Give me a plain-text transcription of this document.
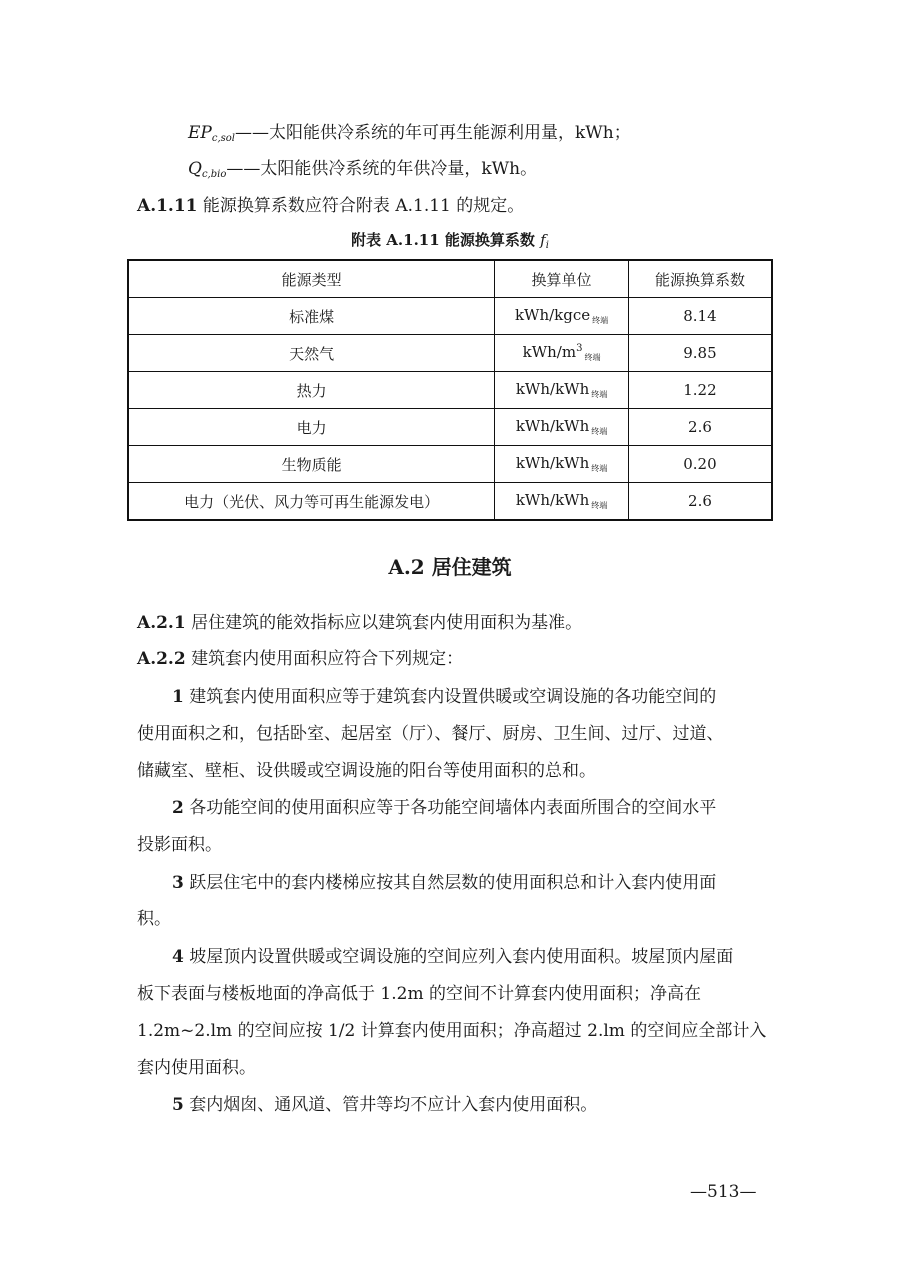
$EP_{c,sol}——$太阳能供冷系统的年可再生能源利用量，kWh；
$Q_{c,bio}——$太阳能供冷系统的年供冷量，kWh。
A.1.11 能源换算系数应符合附表 A.1.11 的规定。
附表 A.1.11 能源换算系数 $f_i$
能源类型	换算单位	能源换算系数
标准煤	kWh/kgce $_{终端}$	8.14
天然气	kWh/$m^3_{终端}$	9.85
热力	kWh/kWh $_{终端}$	1.22
电力	kWh/kWh $_{终端}$	2.6
生物质能	kWh/kWh $_{终端}$	0.20
电力（光伏、风力等可再生能源发电）	kWh/kWh $_{终端}$	2.6
A.2 居住建筑
A.2.1 居住建筑的能效指标应以建筑套内使用面积为基准。
A.2.2 建筑套内使用面积应符合下列规定：
1 建筑套内使用面积应等于建筑套内设置供暖或空调设施的各功能空间的
使用面积之和，包括卧室、起居室（厅）、餐厅、厨房、卫生间、过厅、过道、
储藏室、壁柜、设供暖或空调设施的阳台等使用面积的总和。
2 各功能空间的使用面积应等于各功能空间墙体内表面所围合的空间水平
投影面积。
3 跃层住宅中的套内楼梯应按其自然层数的使用面积总和计入套内使用面
积。
4 坡屋顶内设置供暖或空调设施的空间应列入套内使用面积。坡屋顶内屋面
板下表面与楼板地面的净高低于 1.2m 的空间不计算套内使用面积；净高在
1.2m~2.lm 的空间应按 1/2 计算套内使用面积；净高超过 2.lm 的空间应全部计入
套内使用面积。
5 套内烟囱、通风道、管井等均不应计入套内使用面积。
—513—
